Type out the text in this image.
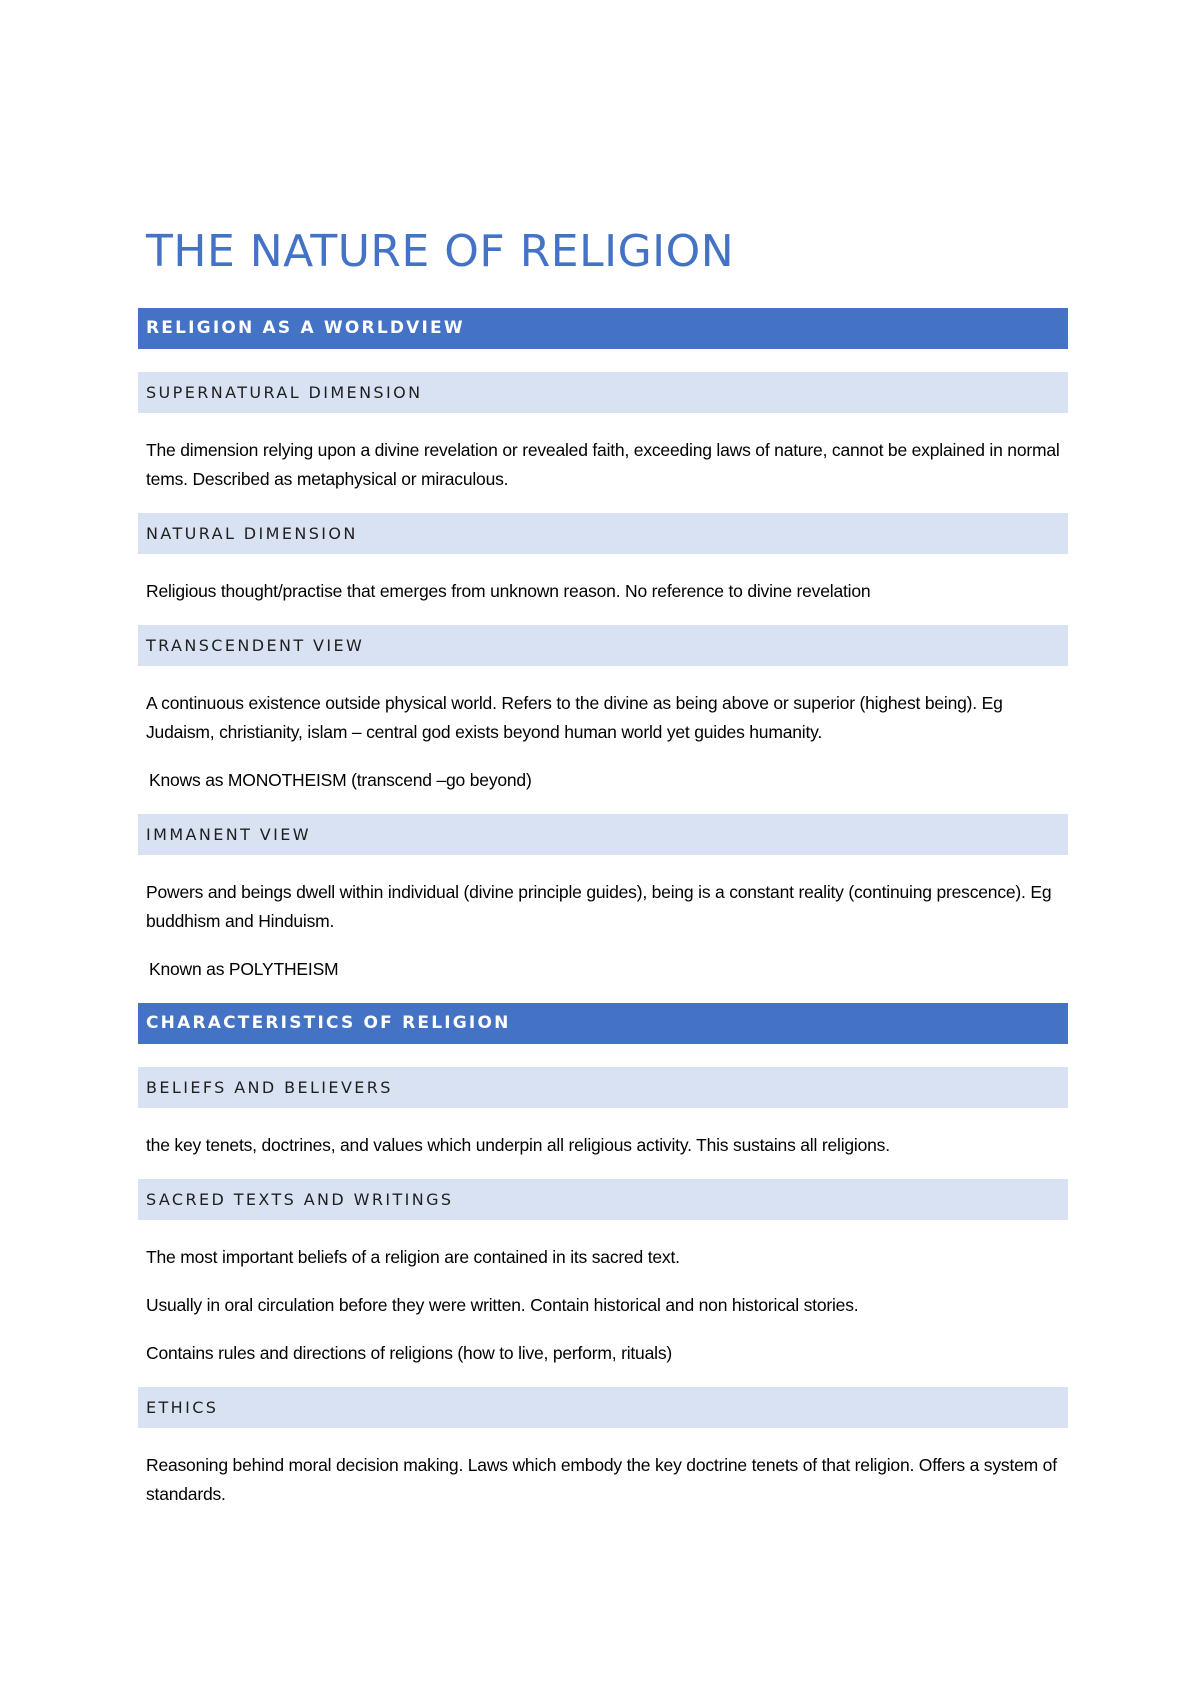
THE NATURE OF RELIGION
RELIGION AS A WORLDVIEW
SUPERNATURAL DIMENSION

The dimension relying upon a divine revelation or revealed faith, exceeding laws of nature, cannot be explained in normal tems. Described as metaphysical or miraculous.

NATURAL DIMENSION

Religious thought/practise that emerges from unknown reason. No reference to divine revelation

TRANSCENDENT VIEW

A continuous existence outside physical world. Refers to the divine as being above or superior (highest being). Eg Judaism, christianity, islam – central god exists beyond human world yet guides humanity.

Knows as MONOTHEISM (transcend –go beyond)

IMMANENT VIEW

Powers and beings dwell within individual (divine principle guides), being is a constant reality (continuing prescence). Eg buddhism and Hinduism.

Known as POLYTHEISM

CHARACTERISTICS OF RELIGION
BELIEFS AND BELIEVERS

the key tenets, doctrines, and values which underpin all religious activity. This sustains all religions.

SACRED TEXTS AND WRITINGS

The most important beliefs of a religion are contained in its sacred text.

Usually in oral circulation before they were written. Contain historical and non historical stories.

Contains rules and directions of religions (how to live, perform, rituals)

ETHICS

Reasoning behind moral decision making. Laws which embody the key doctrine tenets of that religion. Offers a system of standards.
